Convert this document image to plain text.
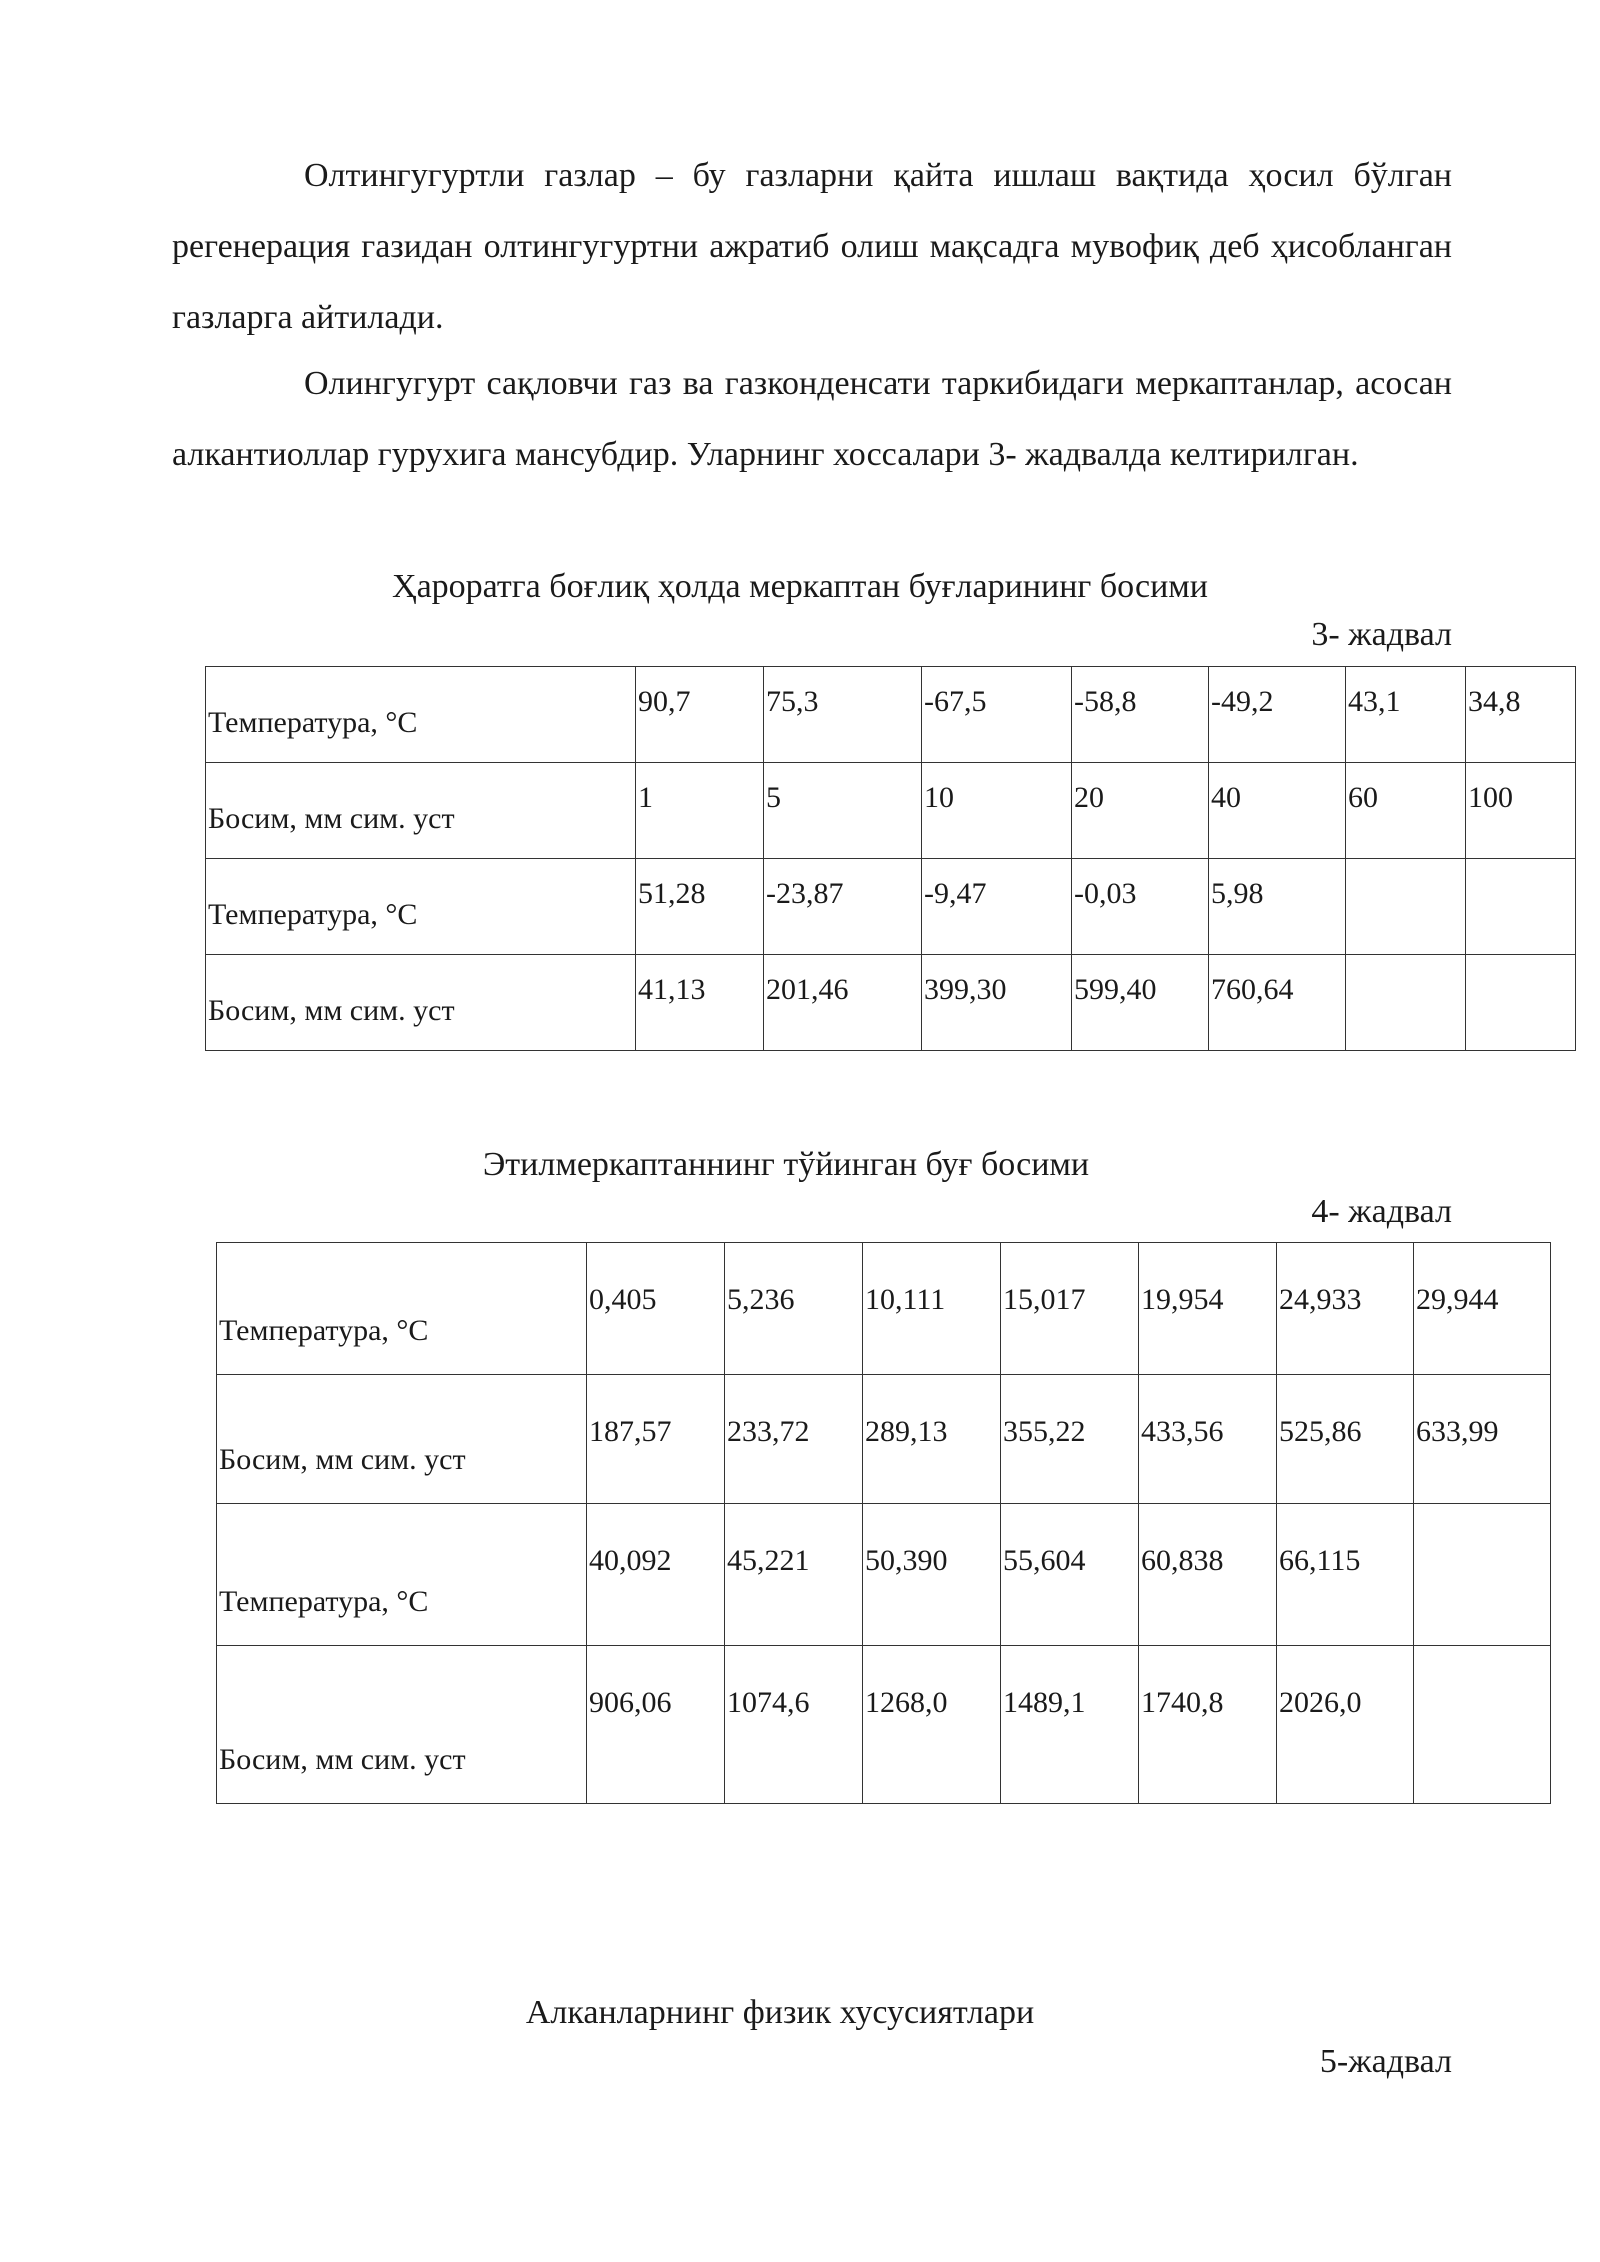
Олтингугуртли газлар – бу газларни қайта ишлаш вақтида ҳосил бўлган регенерация газидан олтингугуртни ажратиб олиш мақсадга мувофиқ деб ҳисобланган газларга айтилади.

Олингугурт сақловчи газ ва газконденсати таркибидаги меркаптанлар, асосан алкантиоллар гурухига мансубдир. Уларнинг хоссалари 3- жадвалда келтирилган.

Ҳароратга боғлиқ ҳолда меркаптан буғларининг босими

3- жадвал

Температура, °C	90,7	75,3	-67,5	-58,8	-49,2	43,1	34,8
Босим, мм сим. уст	1	5	10	20	40	60	100
Температура, °C	51,28	-23,87	-9,47	-0,03	5,98		
Босим, мм сим. уст	41,13	201,46	399,30	599,40	760,64		

Этилмеркаптаннинг тўйинган буғ босими

4- жадвал

Температура, °C	0,405	5,236	10,111	15,017	19,954	24,933	29,944
Босим, мм сим. уст	187,57	233,72	289,13	355,22	433,56	525,86	633,99
Температура, °C	40,092	45,221	50,390	55,604	60,838	66,115	
Босим, мм сим. уст	906,06	1074,6	1268,0	1489,1	1740,8	2026,0	

Алканларнинг физик хусусиятлари

5-жадвал
